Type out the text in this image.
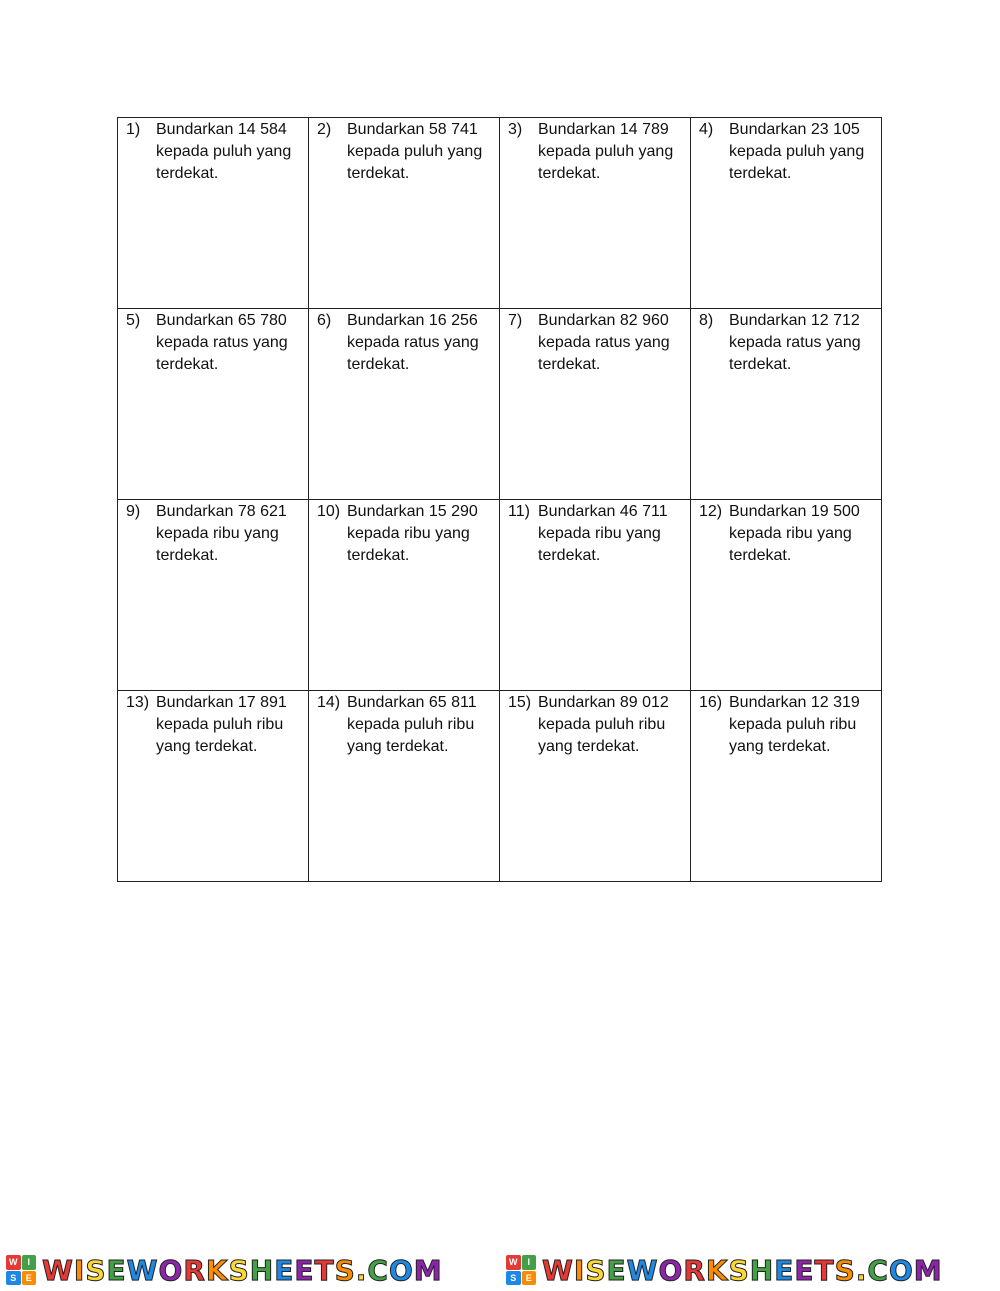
1) Bundarkan 14 584 kepada puluh yang terdekat.	2) Bundarkan 58 741 kepada puluh yang terdekat.	3) Bundarkan 14 789 kepada puluh yang terdekat.	4) Bundarkan 23 105 kepada puluh yang terdekat.

5) Bundarkan 65 780 kepada ratus yang terdekat.	6) Bundarkan 16 256 kepada ratus yang terdekat.	7) Bundarkan 82 960 kepada ratus yang terdekat.	8) Bundarkan 12 712 kepada ratus yang terdekat.

9) Bundarkan 78 621 kepada ribu yang terdekat.	10) Bundarkan 15 290 kepada ribu yang terdekat.	11) Bundarkan 46 711 kepada ribu yang terdekat.	12) Bundarkan 19 500 kepada ribu yang terdekat.

13) Bundarkan 17 891 kepada puluh ribu yang terdekat.	14) Bundarkan 65 811 kepada puluh ribu yang terdekat.	15) Bundarkan 89 012 kepada puluh ribu yang terdekat.	16) Bundarkan 12 319 kepada puluh ribu yang terdekat.
W	I
S	E WISEWORKSHEETS.COM	W	I
S	E WISEWORKSHEETS.COM
